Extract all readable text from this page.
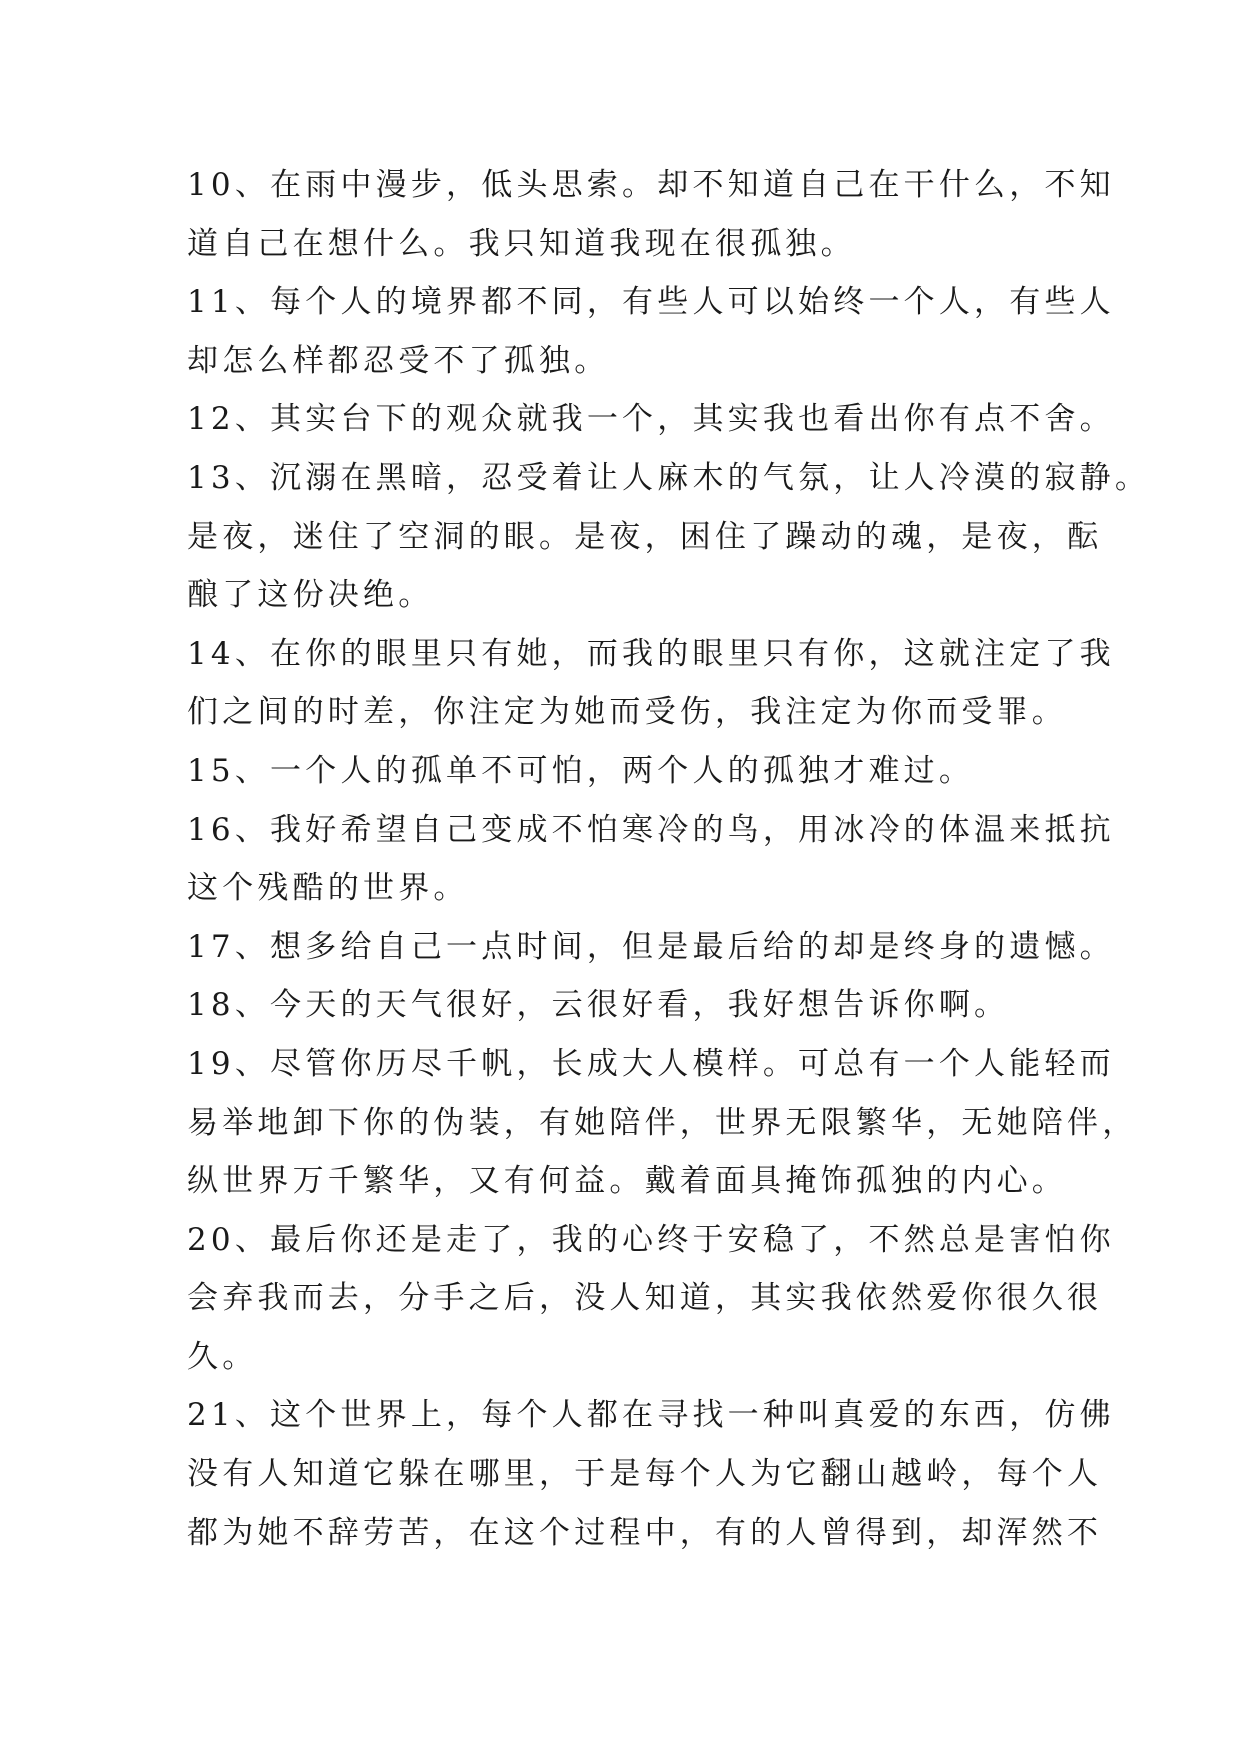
10、在雨中漫步，低头思索。却不知道自己在干什么，不知
道自己在想什么。我只知道我现在很孤独。
11、每个人的境界都不同，有些人可以始终一个人，有些人
却怎么样都忍受不了孤独。
12、其实台下的观众就我一个，其实我也看出你有点不舍。
13、沉溺在黑暗，忍受着让人麻木的气氛，让人冷漠的寂静。
是夜，迷住了空洞的眼。是夜，困住了躁动的魂，是夜，酝
酿了这份决绝。
14、在你的眼里只有她，而我的眼里只有你，这就注定了我
们之间的时差，你注定为她而受伤，我注定为你而受罪。
15、一个人的孤单不可怕，两个人的孤独才难过。
16、我好希望自己变成不怕寒冷的鸟，用冰冷的体温来抵抗
这个残酷的世界。
17、想多给自己一点时间，但是最后给的却是终身的遗憾。
18、今天的天气很好，云很好看，我好想告诉你啊。
19、尽管你历尽千帆，长成大人模样。可总有一个人能轻而
易举地卸下你的伪装，有她陪伴，世界无限繁华，无她陪伴，
纵世界万千繁华，又有何益。戴着面具掩饰孤独的内心。
20、最后你还是走了，我的心终于安稳了，不然总是害怕你
会弃我而去，分手之后，没人知道，其实我依然爱你很久很
久。
21、这个世界上，每个人都在寻找一种叫真爱的东西，仿佛
没有人知道它躲在哪里，于是每个人为它翻山越岭，每个人
都为她不辞劳苦，在这个过程中，有的人曾得到，却浑然不
